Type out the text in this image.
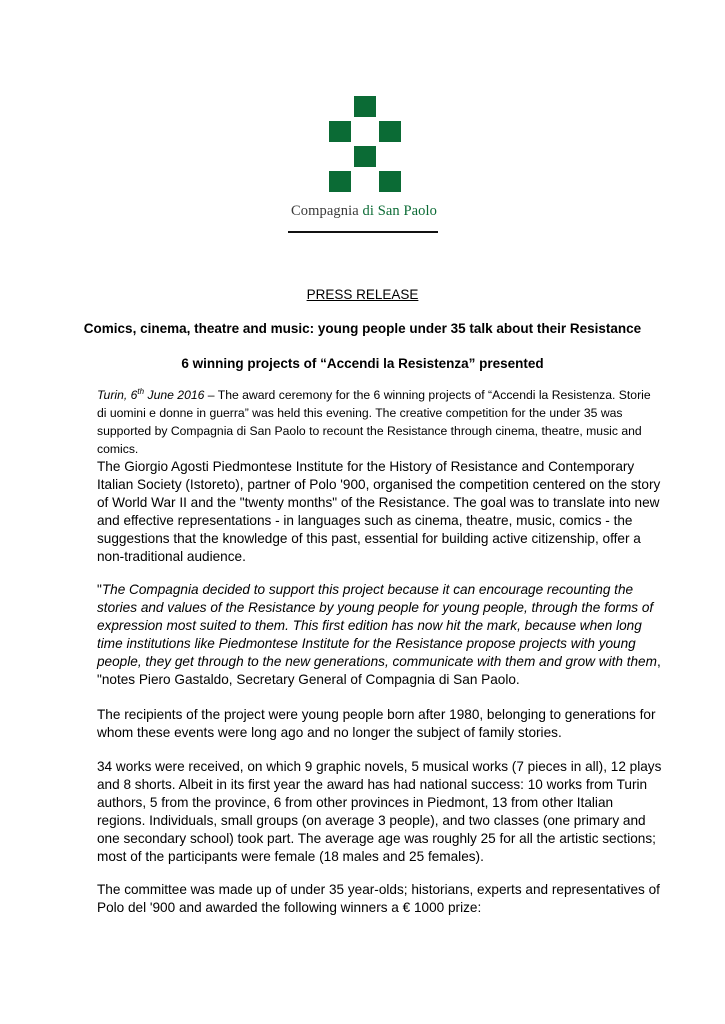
Compagnia di San Paolo
PRESS RELEASE
Comics, cinema, theatre and music: young people under 35 talk about their Resistance
6 winning projects of “Accendi la Resistenza” presented
Turin, 6th June 2016 – The award ceremony for the 6 winning projects of “Accendi la Resistenza. Storie di uomini e donne in guerra” was held this evening. The creative competition for the under 35 was supported by Compagnia di San Paolo to recount the Resistance through cinema, theatre, music and comics.
The Giorgio Agosti Piedmontese Institute for the History of Resistance and Contemporary Italian Society (Istoreto), partner of Polo '900, organised the competition centered on the story of World War II and the "twenty months" of the Resistance. The goal was to translate into new and effective representations - in languages such as cinema, theatre, music, comics - the suggestions that the knowledge of this past, essential for building active citizenship, offer a non-traditional audience.
"The Compagnia decided to support this project because it can encourage recounting the stories and values of the Resistance by young people for young people, through the forms of expression most suited to them. This first edition has now hit the mark, because when long time institutions like Piedmontese Institute for the Resistance propose projects with young people, they get through to the new generations, communicate with them and grow with them, "notes Piero Gastaldo, Secretary General of Compagnia di San Paolo.
The recipients of the project were young people born after 1980, belonging to generations for whom these events were long ago and no longer the subject of family stories.
34 works were received, on which 9 graphic novels, 5 musical works (7 pieces in all), 12 plays and 8 shorts. Albeit in its first year the award has had national success: 10 works from Turin authors, 5 from the province, 6 from other provinces in Piedmont, 13 from other Italian regions. Individuals, small groups (on average 3 people), and two classes (one primary and one secondary school) took part. The average age was roughly 25 for all the artistic sections; most of the participants were female (18 males and 25 females).
The committee was made up of under 35 year-olds; historians, experts and representatives of Polo del '900 and awarded the following winners a € 1000 prize:
